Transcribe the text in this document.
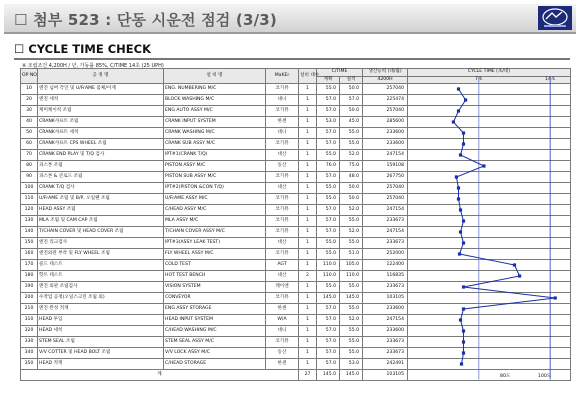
☐ 첨부 523 : 단동 시운전 점검 (3/3)
☐ CYCLE TIME CHECK
※ 조립조건 4,200H / 년, 가동률 85%, C/TIME 14초 (25 UPH)
OP NO	공 정 명	설 비 명	MaKEr	설비 대수	C/TIME		생산능력 (대/월)	CYCLE TIME (초/대)
					계획	실적	4200H	7초 14초

10	엔진 넘버 각인 및 U/FrAME 몸체/이재	ENG. NUMBERING M/C	코기뮤	1	55.0	50.0	257040	
20	엔진 세척	BLOCK WASHING M/C	대니	1	57.0	57.0	225474	
30	케미케이칙 조립	ENG AUTO ASSY M/C	코기뮤	1	57.0	50.0	257040	
40	CRANK샤프트 조립	CRANK INPUT SYSTEM	한센	1	53.0	45.0	285600	
50	CRANK샤프트 세척	CRANK WASHING M/C	대니	1	57.0	55.0	233600	
60	CRANK샤프트 CPS WHEEL 조립	CRANK SUB ASSY M/C	코기뮤	1	57.0	55.0	233600	
70	CRANK END PLAY 및 T/Q 검사	IPT#1(CRANK T/Q)	대산	1	55.0	52.0	247154	
80	피스톤 조립	PISTON ASSY M/C	동산	1	76.0	75.0	159108	
90	피스톤 & 콘로드 조립	PISTON SUB ASSY M/C	코기뮤	1	57.0	48.0	267750	
100	CRANK T/Q 검사	IPT#2(PISTON &CON T/Q)	대산	1	55.0	50.0	257040	
110	U/FrAME 조립 및 B/P, 오일팬 조립	U/FrAME ASSY M/C	코기뮤	1	55.0	50.0	257040	
120	HEAD ASSY 조립	C/HEAD ASSY M/C	코기뮤	1	57.0	52.0	247154	
130	MLA 조립 및 CAM CAP 조립	MLA ASSY M/C	코기뮤	1	57.0	55.0	233673	
140	T/CHAIN COVER 및 HEAD COVER 조립	T/CHAIN COVER ASSY M/C	코기뮤	1	57.0	52.0	247154	
150	엔진 리크검사	IPT#3(ASSY LEAK TEST)	대산	1	55.0	55.0	233673	
160	엔진외관 부착 및 FLY WHEEL 조립	FLY WHEEL ASSY M/C	코기뮤	1	55.0	51.0	252000	
170	콜드 테스트	COLD TEST	AGT	1	110.0	105.0	122400	
180	핫트 테스트	HOT TEST BENCH	대산	2	110.0	110.0	116835	
190	엔진 외관 조립검사	VISION SYSTEM	케이엔	1	55.0	55.0	233673	
200	수작업 공정(오일스크린 조립 외)	CONVEYOR	코기뮤	1	145.0	145.0	103105	
210	엔진 완성 적재	ENG ASSY STORAGE	한센	1	57.0	55.0	233600	
310	HEAD 투입	HEAD INPUT SYSTEM	W/A	1	57.0	52.0	247154	
320	HEAD 세척	C/HEAD WASHING M/C	대니	1	57.0	55.0	233600	
330	STEM SEAL 조립	STEM SEAL ASSY M/C	코기뮤	1	57.0	55.0	233673	
340	V/V COTTER 및 HEAD BOLT 조립	V/V LOCK ASSY M/C	동산	1	57.0	55.0	233673	
350	HEAD 적재	C/HEAD STORAGE	한센	1	57.0	53.0	242491	
계				27	145.0	145.0	103105	80도 100도
